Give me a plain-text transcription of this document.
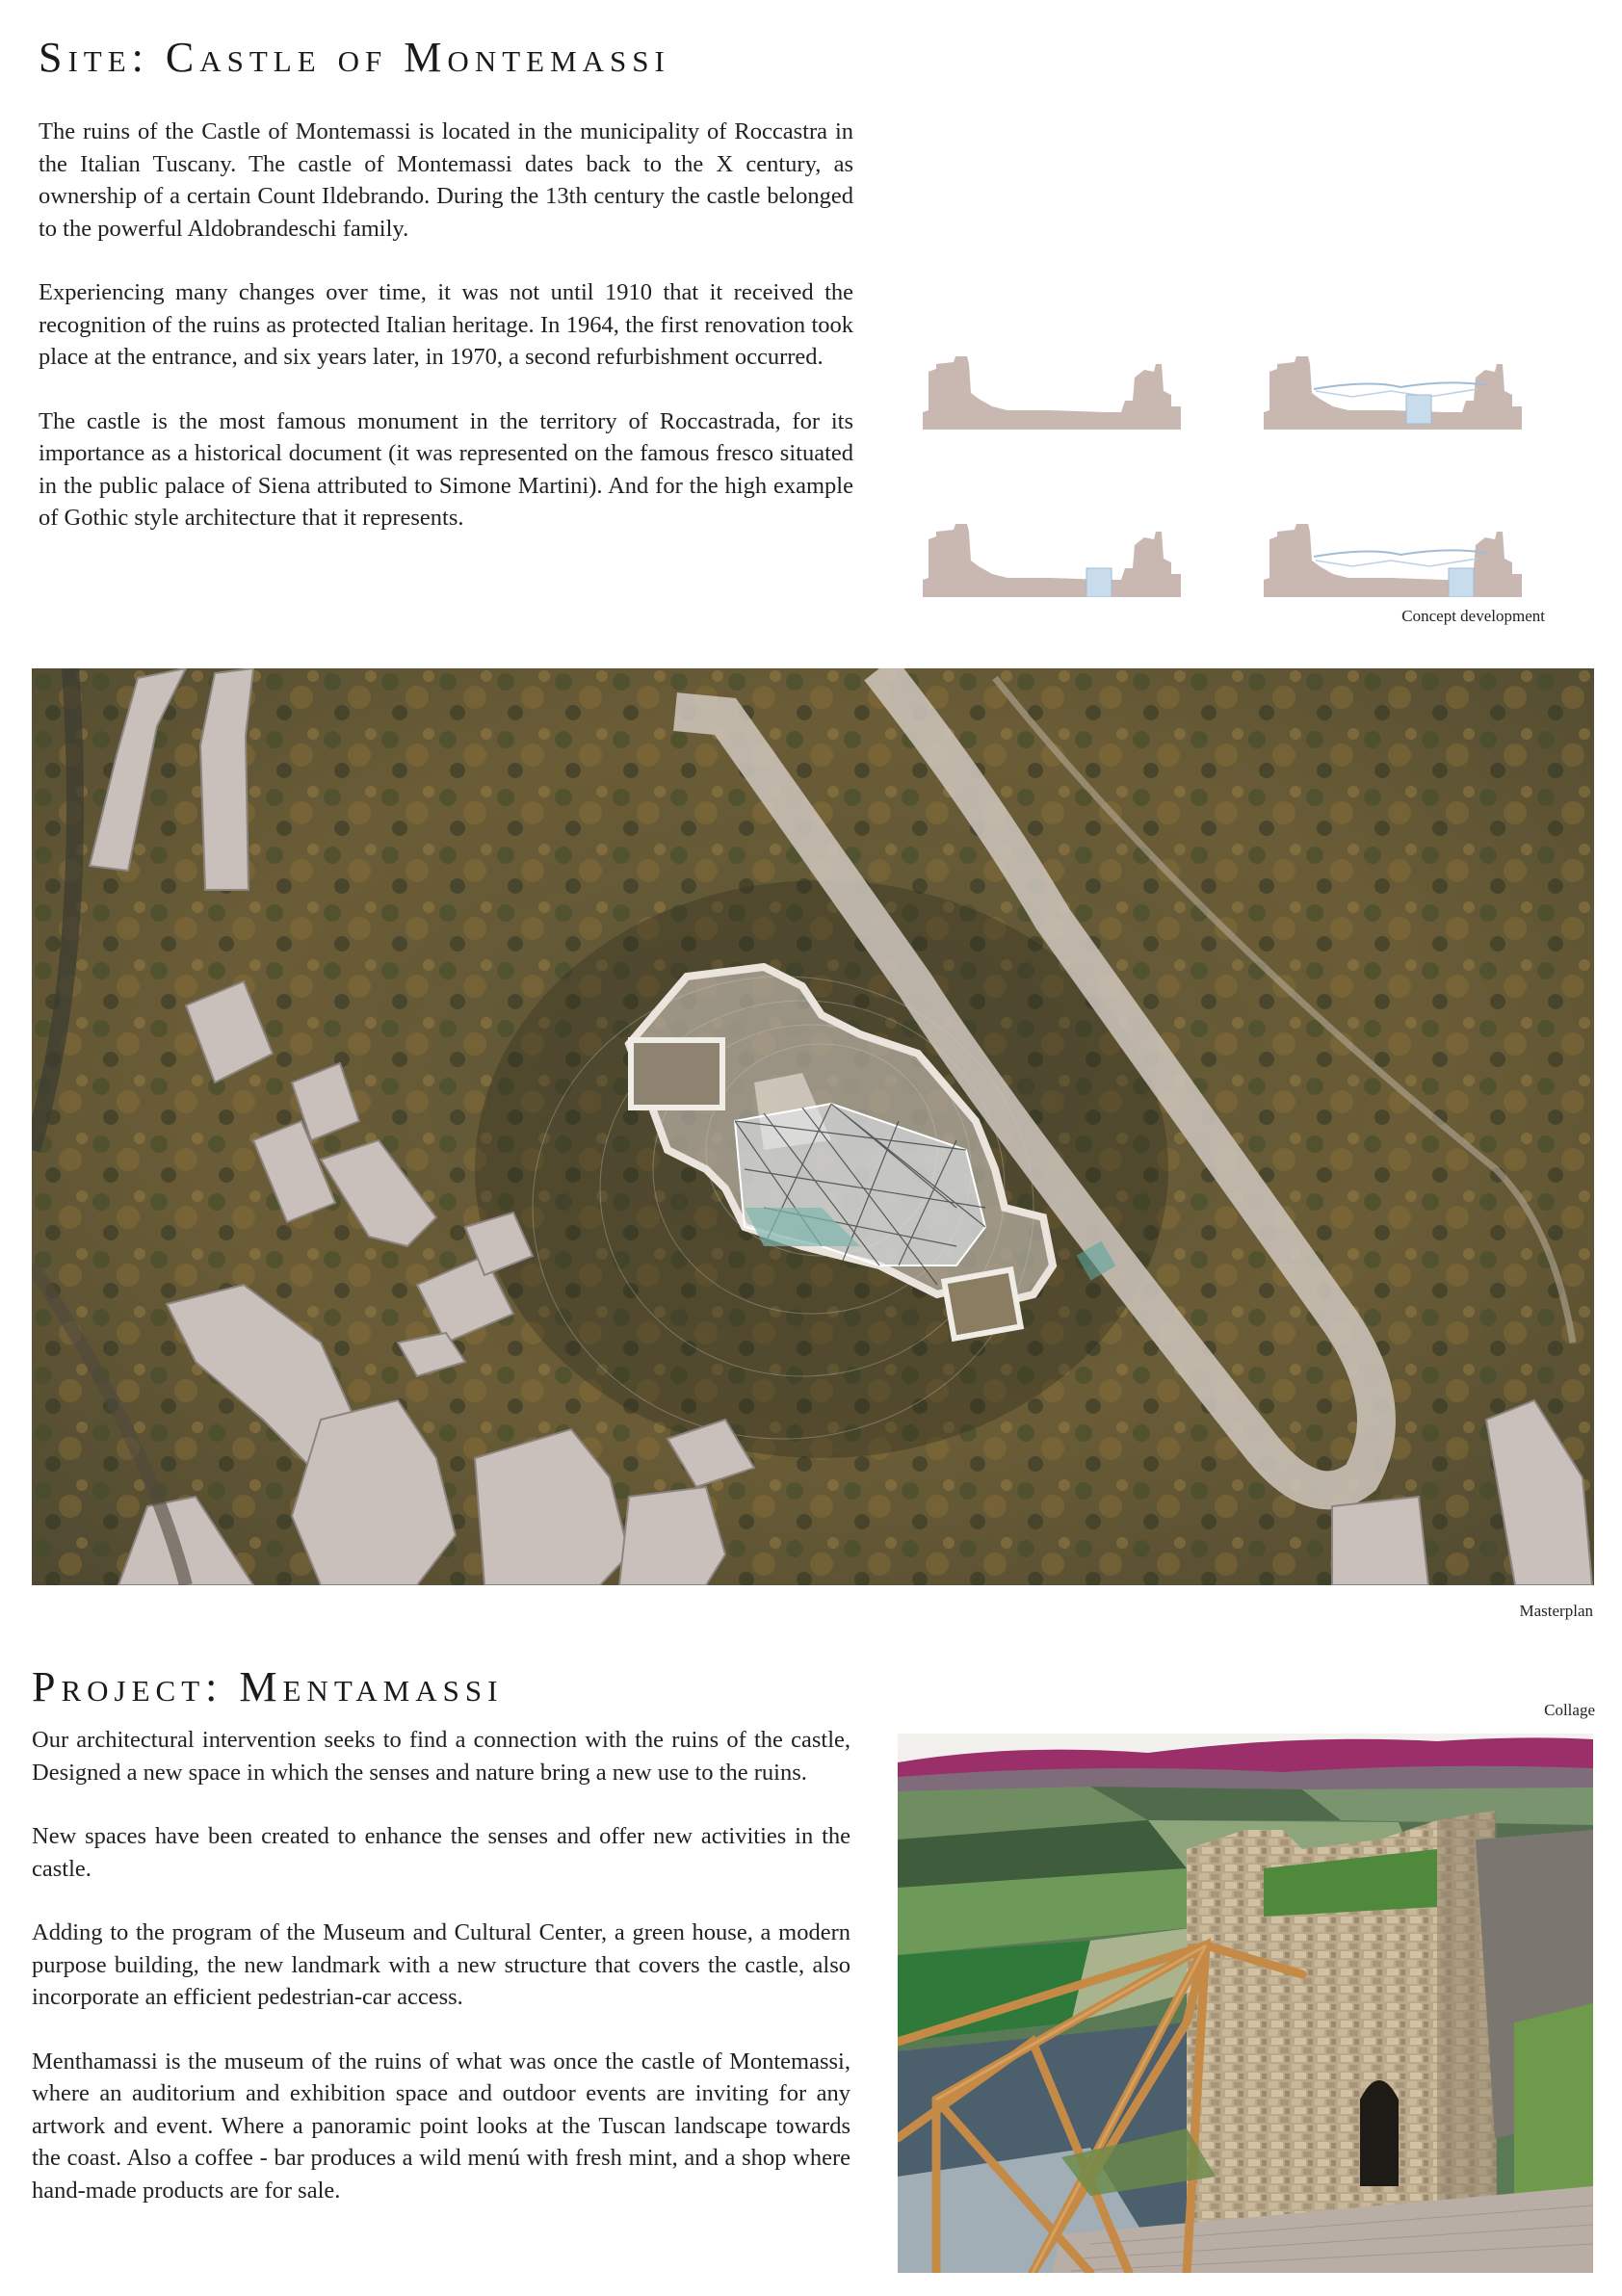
Site: Castle of Montemassi

The ruins of the Castle of Montemassi is located in the municipality of Roccastra in the Italian Tuscany. The castle of Montemassi dates back to the X century, as ownership of a certain Count Ildebrando. During the 13th century the castle belonged to the powerful Aldobrandeschi family.

Experiencing many changes over time, it was not until 1910 that it received the recognition of the ruins as protected Italian heritage. In 1964, the first renovation took place at the entrance, and six years later, in 1970, a second refurbishment occurred.

The castle is the most famous monument in the territory of Roccastrada, for its importance as a historical document (it was represented on the famous fresco situated in the public palace of Siena attributed to Simone Martini). And for the high example of Gothic style architecture that it represents.

Concept development
Masterplan
Project: Mentamassi

Our architectural intervention seeks to find a connection with the ruins of the castle, Designed a new space in which the senses and nature bring a new use to the ruins.

New spaces have been created to enhance the senses and offer new activities in the castle.

Adding to the program of the Museum and Cultural Center, a green house, a modern purpose building, the new landmark with a new structure that covers the castle, also incorporate an efficient pedestrian-car access.

Menthamassi is the museum of the ruins of what was once the castle of Montemassi, where an auditorium and exhibition space and outdoor events are inviting for any artwork and event. Where a panoramic point looks at the Tuscan landscape towards the coast. Also a coffee - bar produces a wild menú with fresh mint, and a shop where hand-made products are for sale.

Collage
